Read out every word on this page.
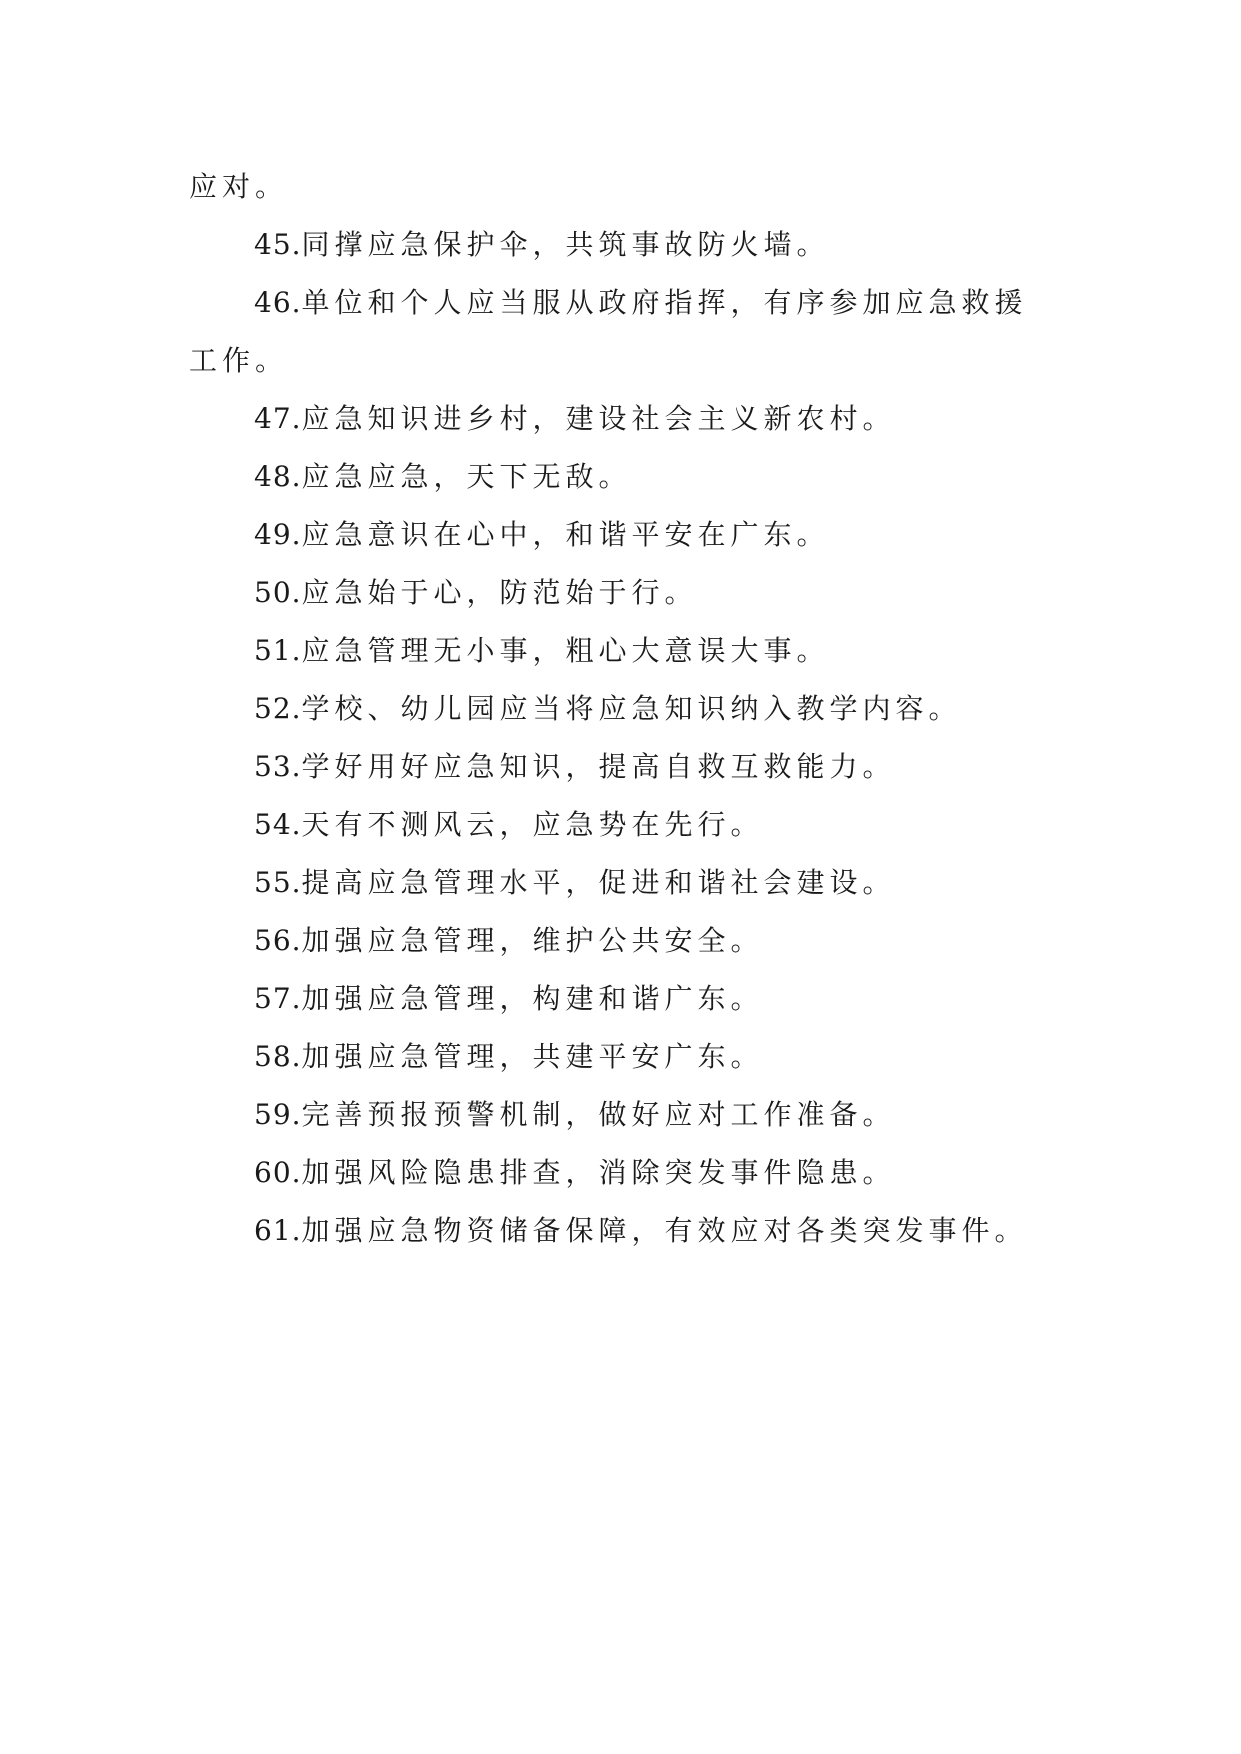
应对。
45.同撑应急保护伞，共筑事故防火墙。
46.单位和个人应当服从政府指挥，有序参加应急救援
工作。
47.应急知识进乡村，建设社会主义新农村。
48.应急应急，天下无敌。
49.应急意识在心中，和谐平安在广东。
50.应急始于心，防范始于行。
51.应急管理无小事，粗心大意误大事。
52.学校、幼儿园应当将应急知识纳入教学内容。
53.学好用好应急知识，提高自救互救能力。
54.天有不测风云，应急势在先行。
55.提高应急管理水平，促进和谐社会建设。
56.加强应急管理，维护公共安全。
57.加强应急管理，构建和谐广东。
58.加强应急管理，共建平安广东。
59.完善预报预警机制，做好应对工作准备。
60.加强风险隐患排查，消除突发事件隐患。
61.加强应急物资储备保障，有效应对各类突发事件。
